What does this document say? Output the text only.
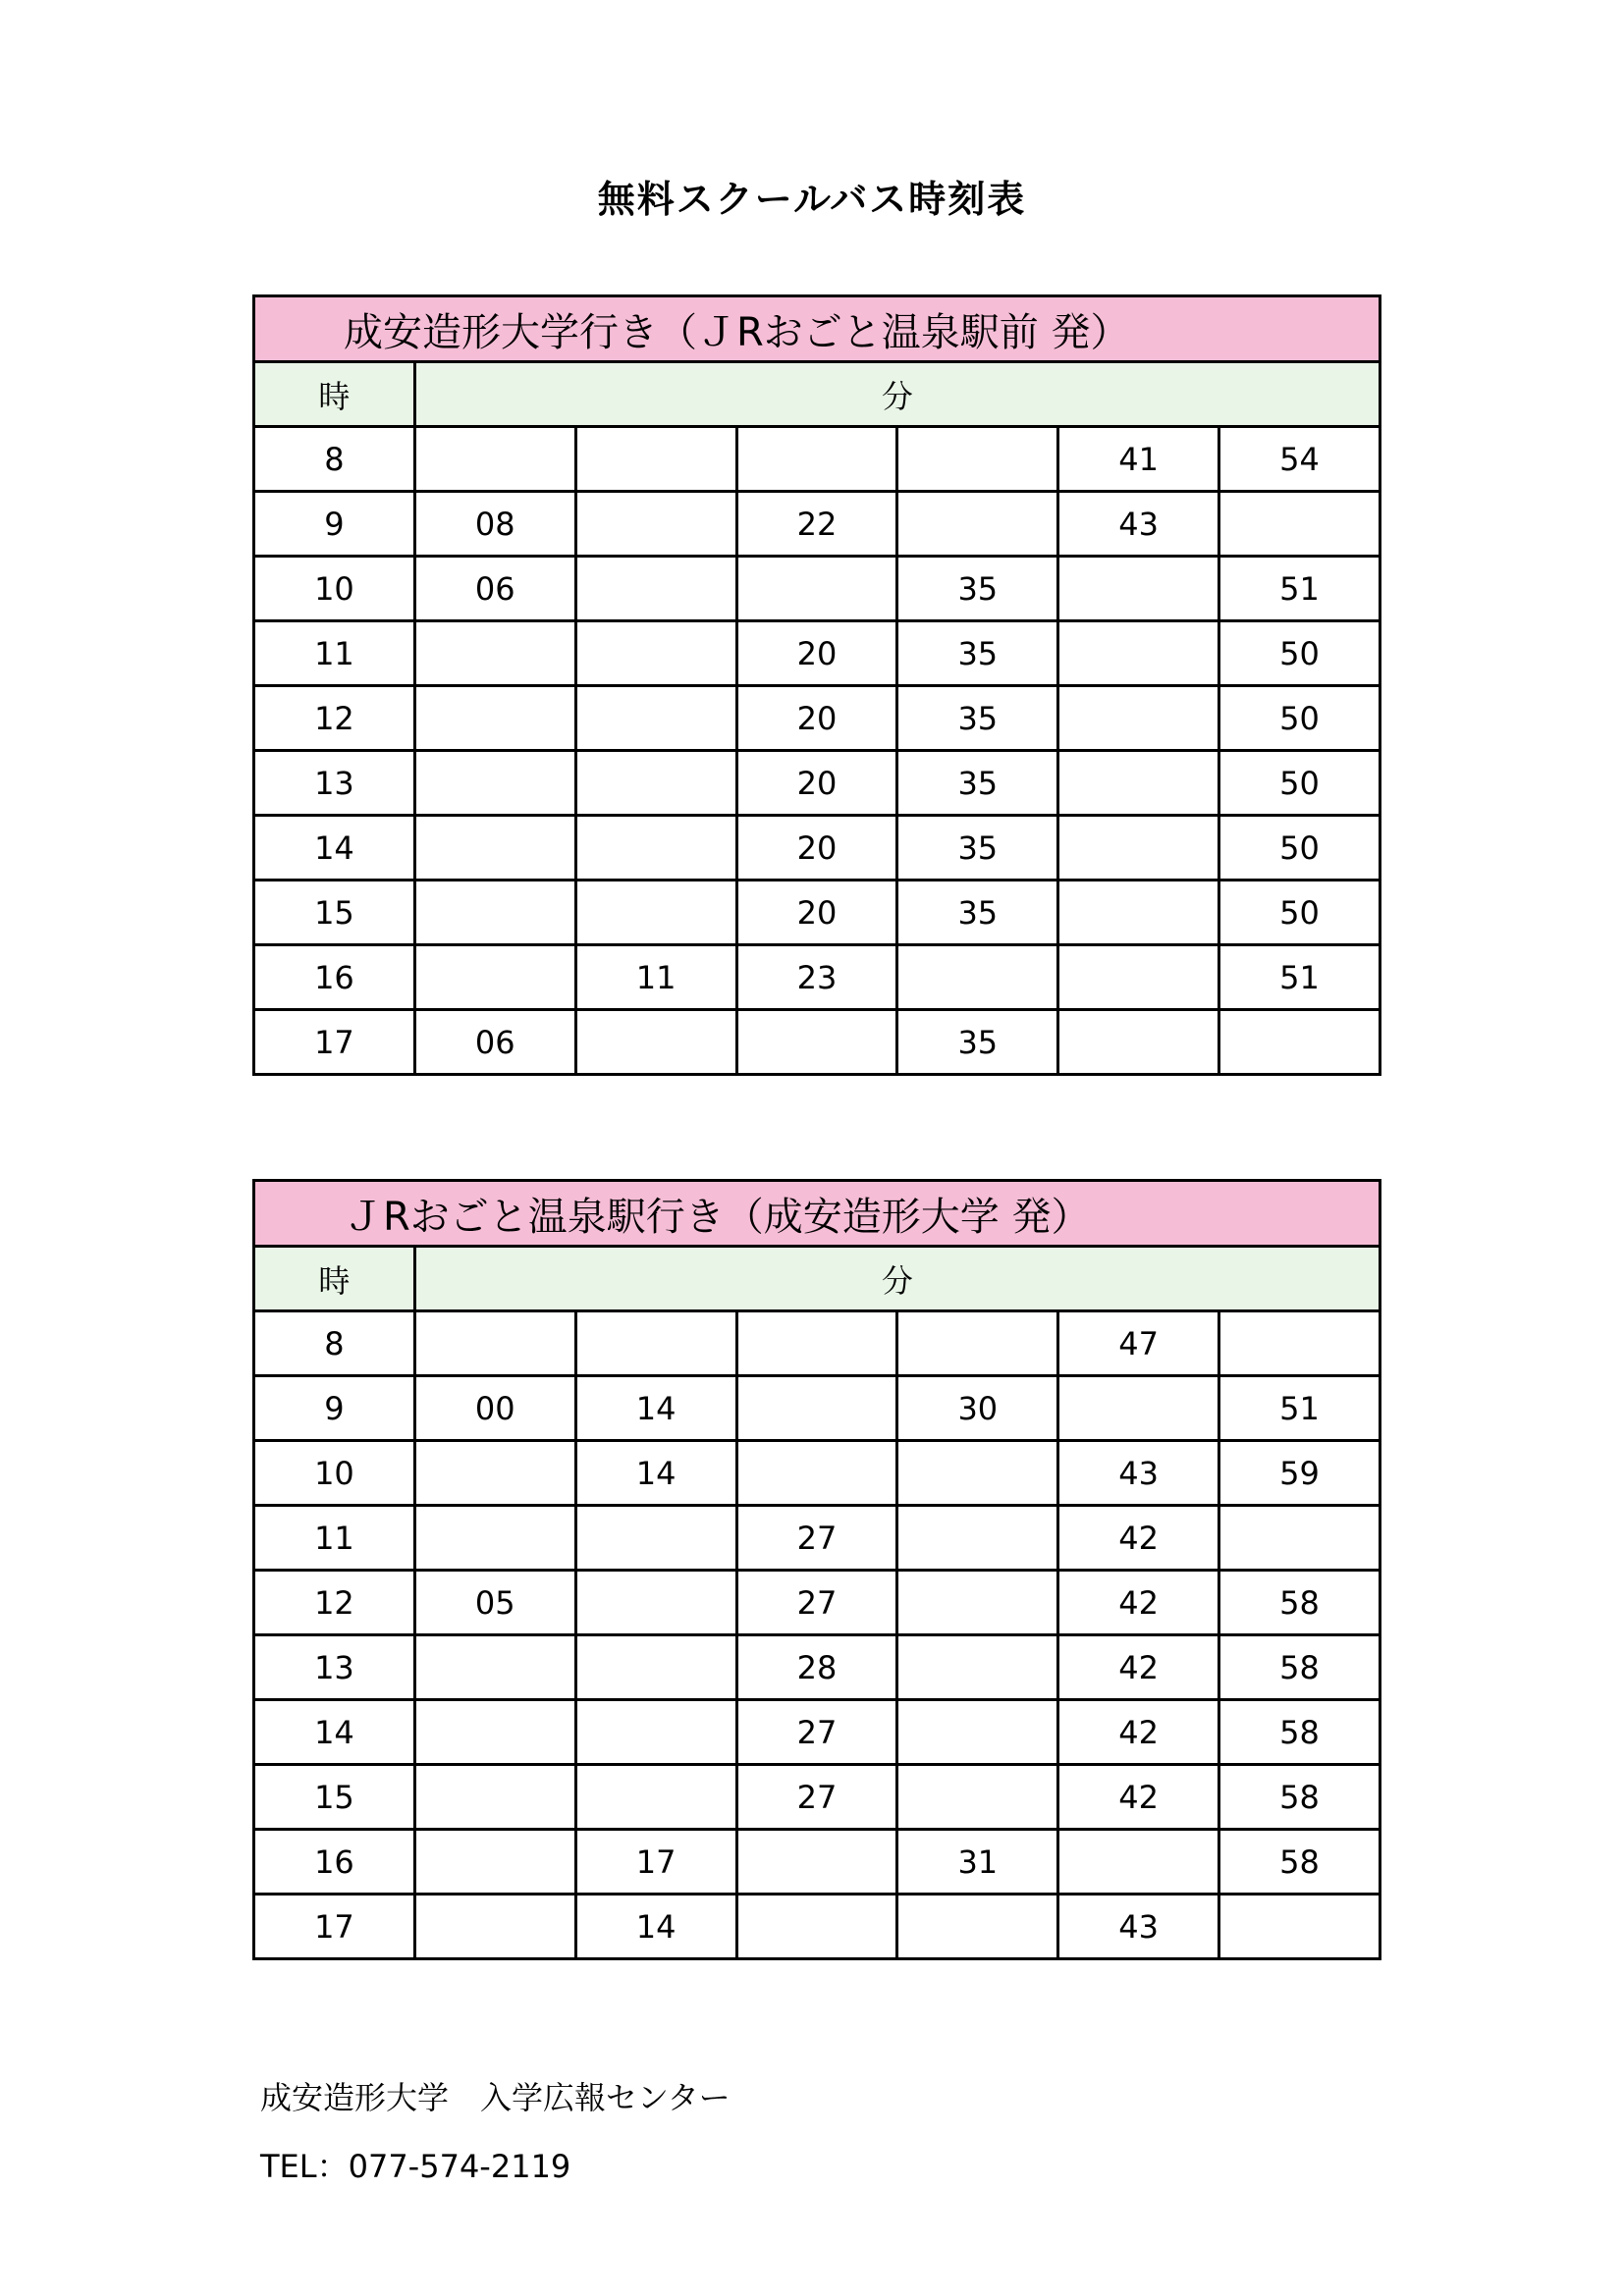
無料スクールバス時刻表
成安造形大学行き（ＪRおごと温泉駅前 発）						
時	分					
8					41	54
9	08		22		43	
10	06			35		51
11			20	35		50
12			20	35		50
13			20	35		50
14			20	35		50
15			20	35		50
16		11	23			51
17	06			35		
ＪRおごと温泉駅行き（成安造形大学 発）						
時	分					
8					47	
9	00	14		30		51
10		14			43	59
11			27		42	
12	05		27		42	58
13			28		42	58
14			27		42	58
15			27		42	58
16		17		31		58
17		14			43	
成安造形大学　入学広報センター
TEL：077-574-2119
